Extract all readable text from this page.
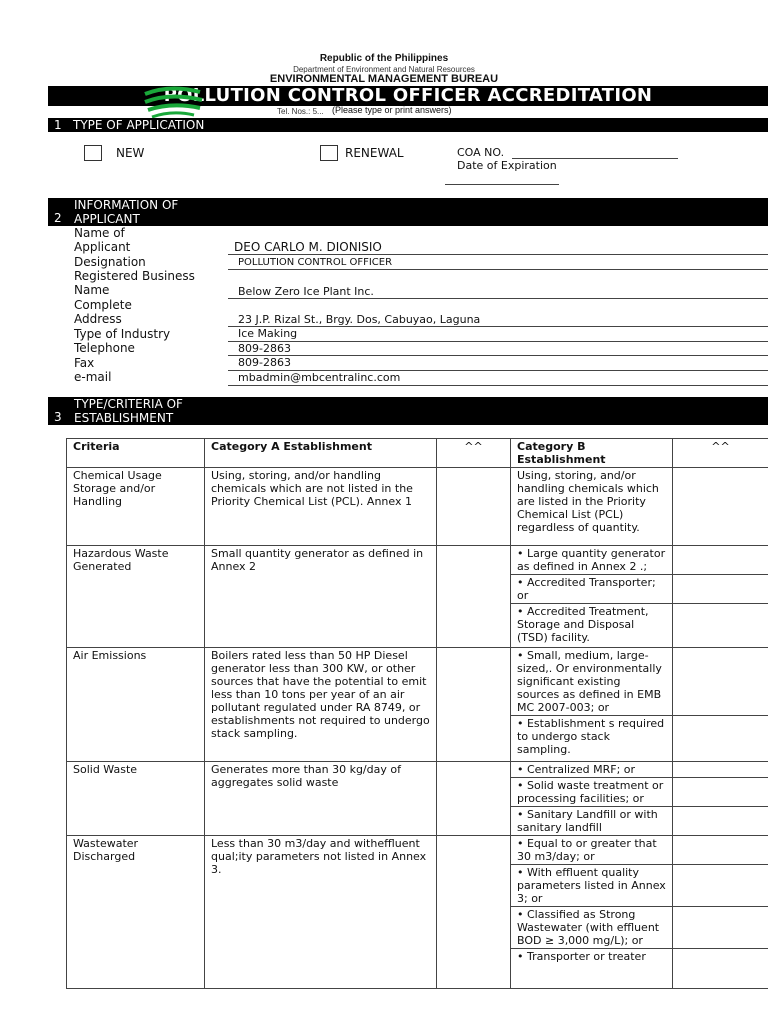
Republic of the Philippines
Department of Environment and Natural Resources
ENVIRONMENTAL MANAGEMENT BUREAU
POLLUTION CONTROL OFFICER ACCREDITATION
Tel. Nos.: 5... (Please type or print answers)
1 TYPE OF APPLICATION
NEW	RENEWAL	COA NO.
Date of Expiration
2
INFORMATION OF
APPLICANT
Name of
Applicant	DEO CARLO M. DIONISIO
Designation	POLLUTION CONTROL OFFICER
Registered Business
Name	Below Zero Ice Plant Inc.
Complete
Address	23 J.P. Rizal St., Brgy. Dos, Cabuyao, Laguna
Type of Industry	Ice Making
Telephone	809-2863
Fax	809-2863
e-mail	mbadmin@mbcentralinc.com
3
TYPE/CRITERIA OF
ESTABLISHMENT
Criteria	Category A Establishment	^^	Category B Establishment	^^
Chemical Usage Storage and/or Handling	Using, storing, and/or handling chemicals which are not listed in the Priority Chemical List (PCL). Annex 1		Using, storing, and/or handling chemicals which are listed in the Priority Chemical List (PCL) regardless of quantity.	
Hazardous Waste Generated	Small quantity generator as defined in Annex 2		• Large quantity generator as defined in Annex 2 .;	
			• Accredited Transporter; or	
			• Accredited Treatment, Storage and Disposal (TSD) facility.	
Air Emissions	Boilers rated less than 50 HP Diesel generator less than 300 KW, or other sources that have the potential to emit less than 10 tons per year of an air pollutant regulated under RA 8749, or establishments not required to undergo stack sampling.		• Small, medium, large-sized,. Or environmentally significant existing sources as defined in EMB MC 2007-003; or	
			• Establishment s required to undergo stack sampling.	
Solid Waste	Generates more than 30 kg/day of aggregates solid waste		• Centralized MRF; or	
			• Solid waste treatment or processing facilities; or	
			• Sanitary Landfill or with sanitary landfill	
Wastewater Discharged	Less than 30 m3/day and witheffluent qual;ity parameters not listed in Annex 3.		• Equal to or greater that 30 m3/day; or	
			• With effluent quality parameters listed in Annex 3; or	
			• Classified as Strong Wastewater (with effluent BOD ≥ 3,000 mg/L); or	
			• Transporter or treater	
